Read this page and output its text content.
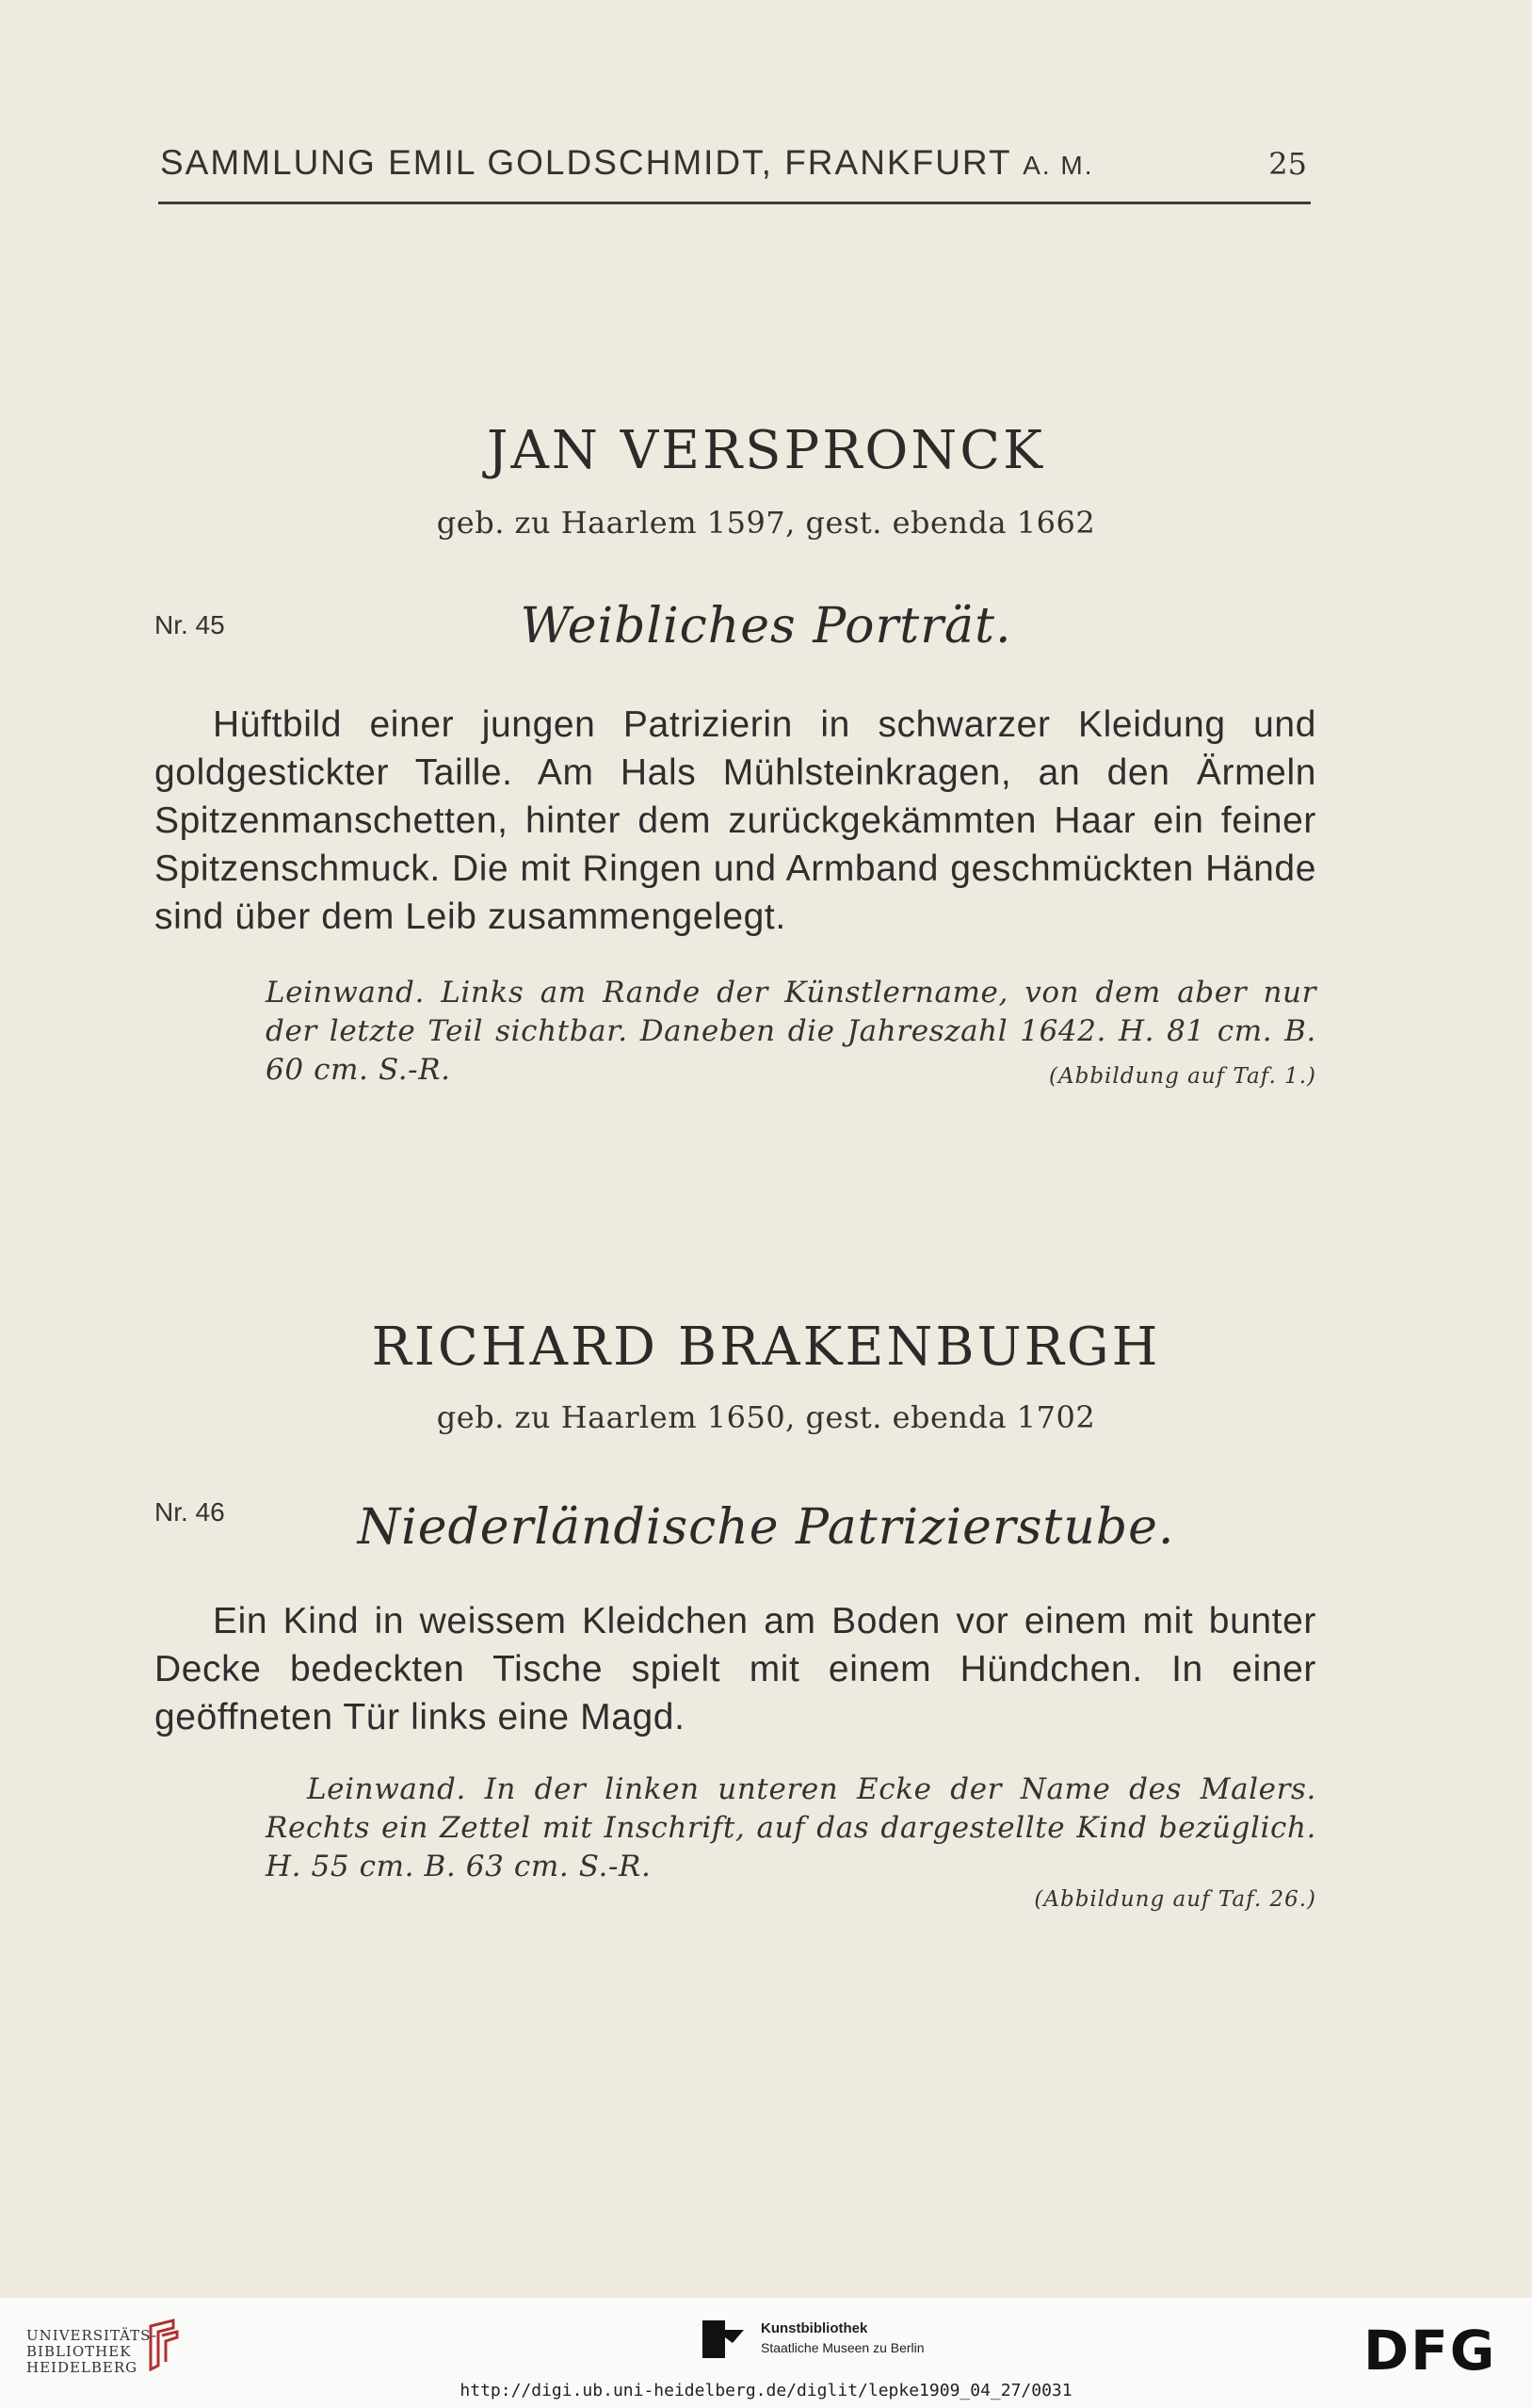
SAMMLUNG EMIL GOLDSCHMIDT, FRANKFURT A. M.	25
JAN VERSPRONCK
geb. zu Haarlem 1597, gest. ebenda 1662
Nr. 45	Weibliches Porträt.
Hüftbild einer jungen Patrizierin in schwarzer Kleidung und goldgestickter Taille. Am Hals Mühlsteinkragen, an den Ärmeln Spitzenmanschetten, hinter dem zurückgekämmten Haar ein feiner Spitzenschmuck. Die mit Ringen und Armband geschmückten Hände sind über dem Leib zusammengelegt.
Leinwand. Links am Rande der Künstlername, von dem aber nur der letzte Teil sichtbar. Daneben die Jahreszahl 1642. H. 81 cm. B. 60 cm. S.-R.	(Abbildung auf Taf. 1.)
RICHARD BRAKENBURGH
geb. zu Haarlem 1650, gest. ebenda 1702
Nr. 46	Niederländische Patrizierstube.
Ein Kind in weissem Kleidchen am Boden vor einem mit bunter Decke bedeckten Tische spielt mit einem Hündchen. In einer geöffneten Tür links eine Magd.
Leinwand. In der linken unteren Ecke der Name des Malers. Rechts ein Zettel mit Inschrift, auf das dargestellte Kind bezüglich. H. 55 cm. B. 63 cm. S.-R.
(Abbildung auf Taf. 26.)
UNIVERSITÄTS-
BIBLIOTHEK
HEIDELBERG
Kunstbibliothek
Staatliche Museen zu Berlin	DFG
http://digi.ub.uni-heidelberg.de/diglit/lepke1909_04_27/0031
